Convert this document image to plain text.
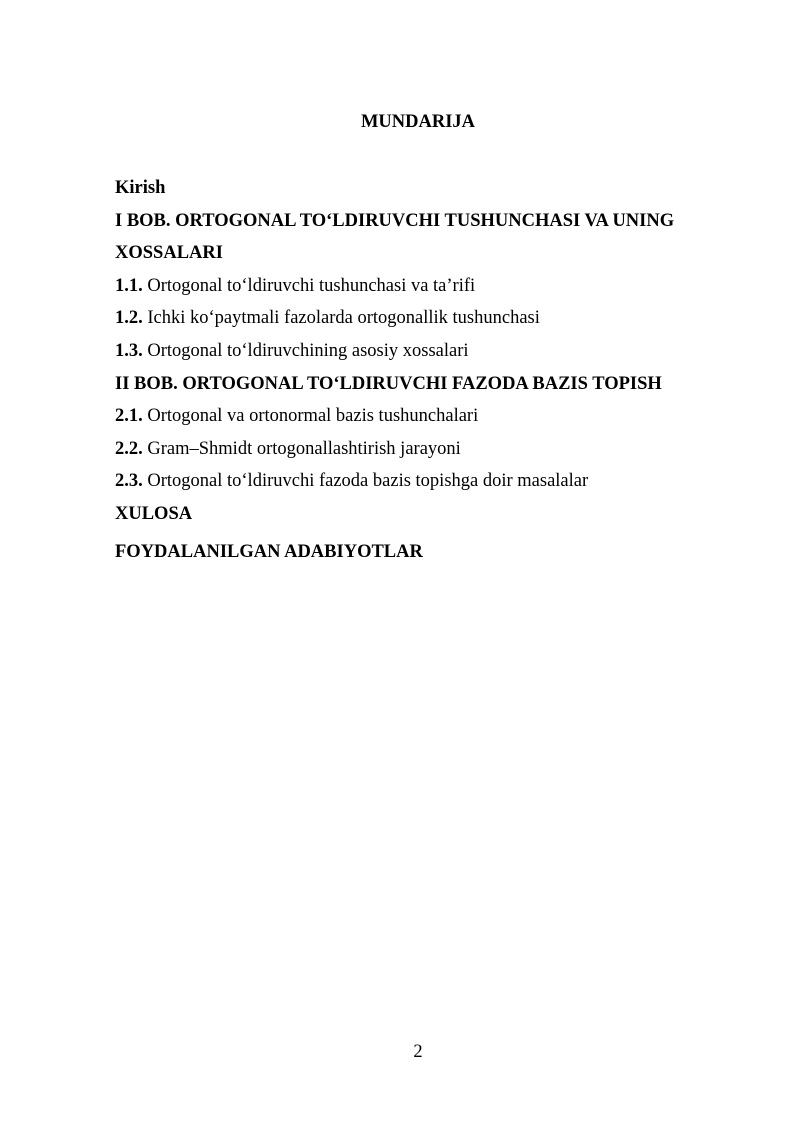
MUNDARIJA
Kirish
I BOB. ORTOGONAL TO‘LDIRUVCHI TUSHUNCHASI VA UNING
XOSSALARI
1.1. Ortogonal to‘ldiruvchi tushunchasi va ta’rifi
1.2. Ichki ko‘paytmali fazolarda ortogonallik tushunchasi
1.3. Ortogonal to‘ldiruvchining asosiy xossalari
II BOB. ORTOGONAL TO‘LDIRUVCHI FAZODA BAZIS TOPISH
2.1. Ortogonal va ortonormal bazis tushunchalari
2.2. Gram–Shmidt ortogonallashtirish jarayoni
2.3. Ortogonal to‘ldiruvchi fazoda bazis topishga doir masalalar
XULOSA
FOYDALANILGAN ADABIYOTLAR
2
